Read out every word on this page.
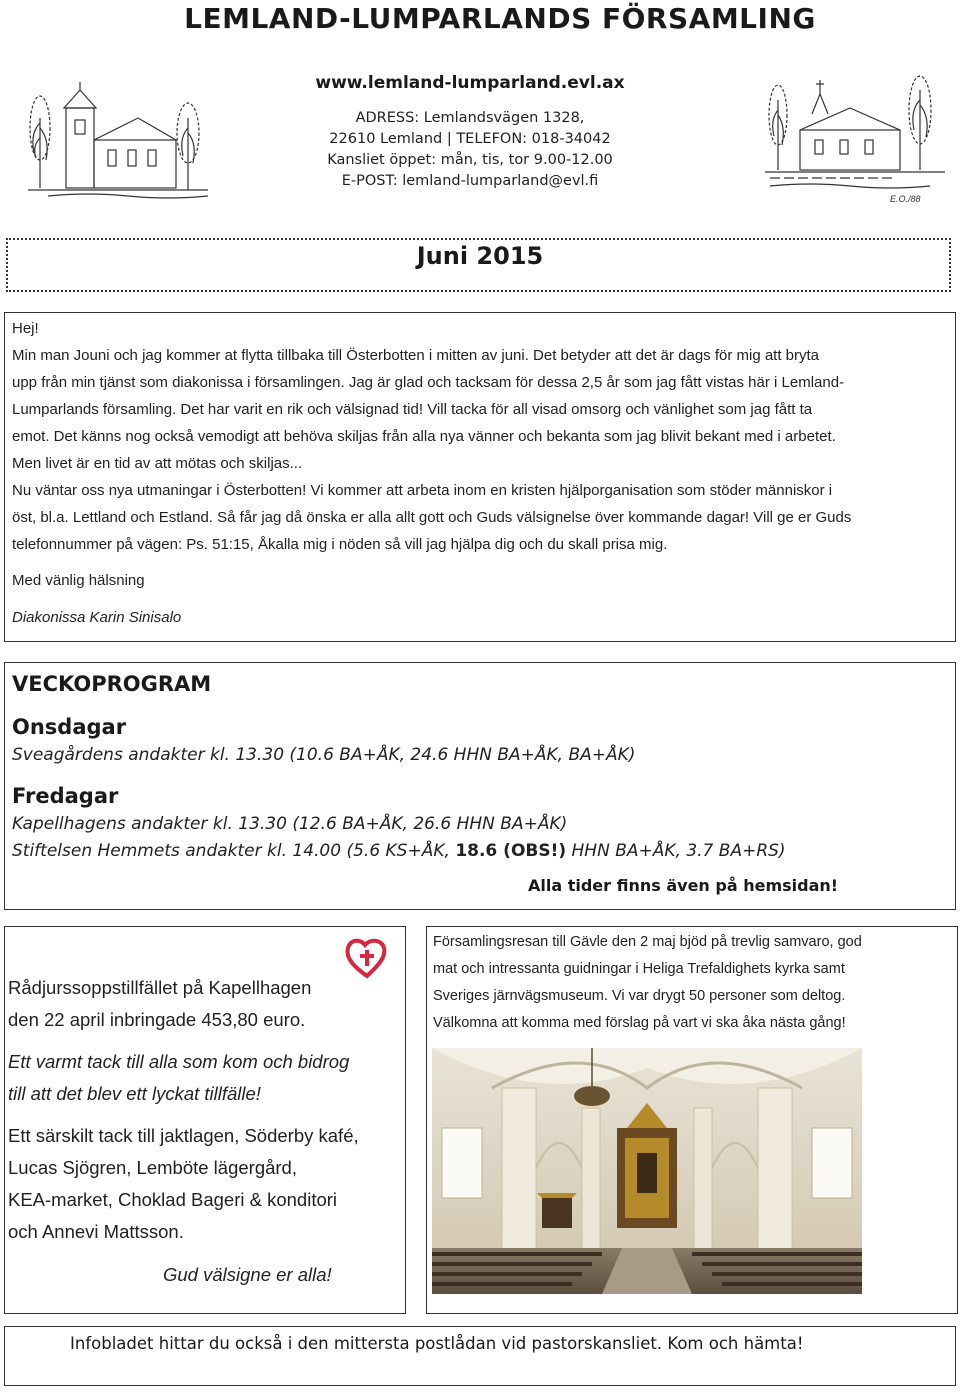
LEMLAND-LUMPARLANDS FÖRSAMLING
www.lemland-lumparland.evl.ax
ADRESS: Lemlandsvägen 1328,
22610 Lemland | TELEFON: 018-34042
Kansliet öppet: mån, tis, tor 9.00-12.00
E-POST: lemland-lumparland@evl.fi
E.O./88
Juni 2015
Hej!
Min man Jouni och jag kommer at flytta tillbaka till Österbotten i mitten av juni. Det betyder att det är dags för mig att bryta
upp från min tjänst som diakonissa i församlingen. Jag är glad och tacksam för dessa 2,5 år som jag fått vistas här i Lemland-
Lumparlands församling. Det har varit en rik och välsignad tid! Vill tacka för all visad omsorg och vänlighet som jag fått ta
emot. Det känns nog också vemodigt att behöva skiljas från alla nya vänner och bekanta som jag blivit bekant med i arbetet.
Men livet är en tid av att mötas och skiljas...
Nu väntar oss nya utmaningar i Österbotten! Vi kommer att arbeta inom en kristen hjälporganisation som stöder människor i
öst, bl.a. Lettland och Estland. Så får jag då önska er alla allt gott och Guds välsignelse över kommande dagar! Vill ge er Guds
telefonnummer på vägen: Ps. 51:15, Åkalla mig i nöden så vill jag hjälpa dig och du skall prisa mig.
Med vänlig hälsning
Diakonissa Karin Sinisalo
VECKOPROGRAM
Onsdagar
Sveagårdens andakter kl. 13.30 (10.6 BA+ÅK, 24.6 HHN BA+ÅK, BA+ÅK)
Fredagar
Kapellhagens andakter kl. 13.30 (12.6 BA+ÅK, 26.6 HHN BA+ÅK)
Stiftelsen Hemmets andakter kl. 14.00 (5.6 KS+ÅK, 18.6 (OBS!) HHN BA+ÅK, 3.7 BA+RS)
Alla tider finns även på hemsidan!
Rådjurssoppstillfället på Kapellhagen
den 22 april inbringade 453,80 euro.
Ett varmt tack till alla som kom och bidrog
till att det blev ett lyckat tillfälle!
Ett särskilt tack till jaktlagen, Söderby kafé,
Lucas Sjögren, Lemböte lägergård,
KEA-market, Choklad Bageri & konditori
och Annevi Mattsson.
Gud välsigne er alla!
Församlingsresan till Gävle den 2 maj bjöd på trevlig samvaro, god
mat och intressanta guidningar i Heliga Trefaldighets kyrka samt
Sveriges järnvägsmuseum. Vi var drygt 50 personer som deltog.
Välkomna att komma med förslag på vart vi ska åka nästa gång!
Infobladet hittar du också i den mittersta postlådan vid pastorskansliet. Kom och hämta!
